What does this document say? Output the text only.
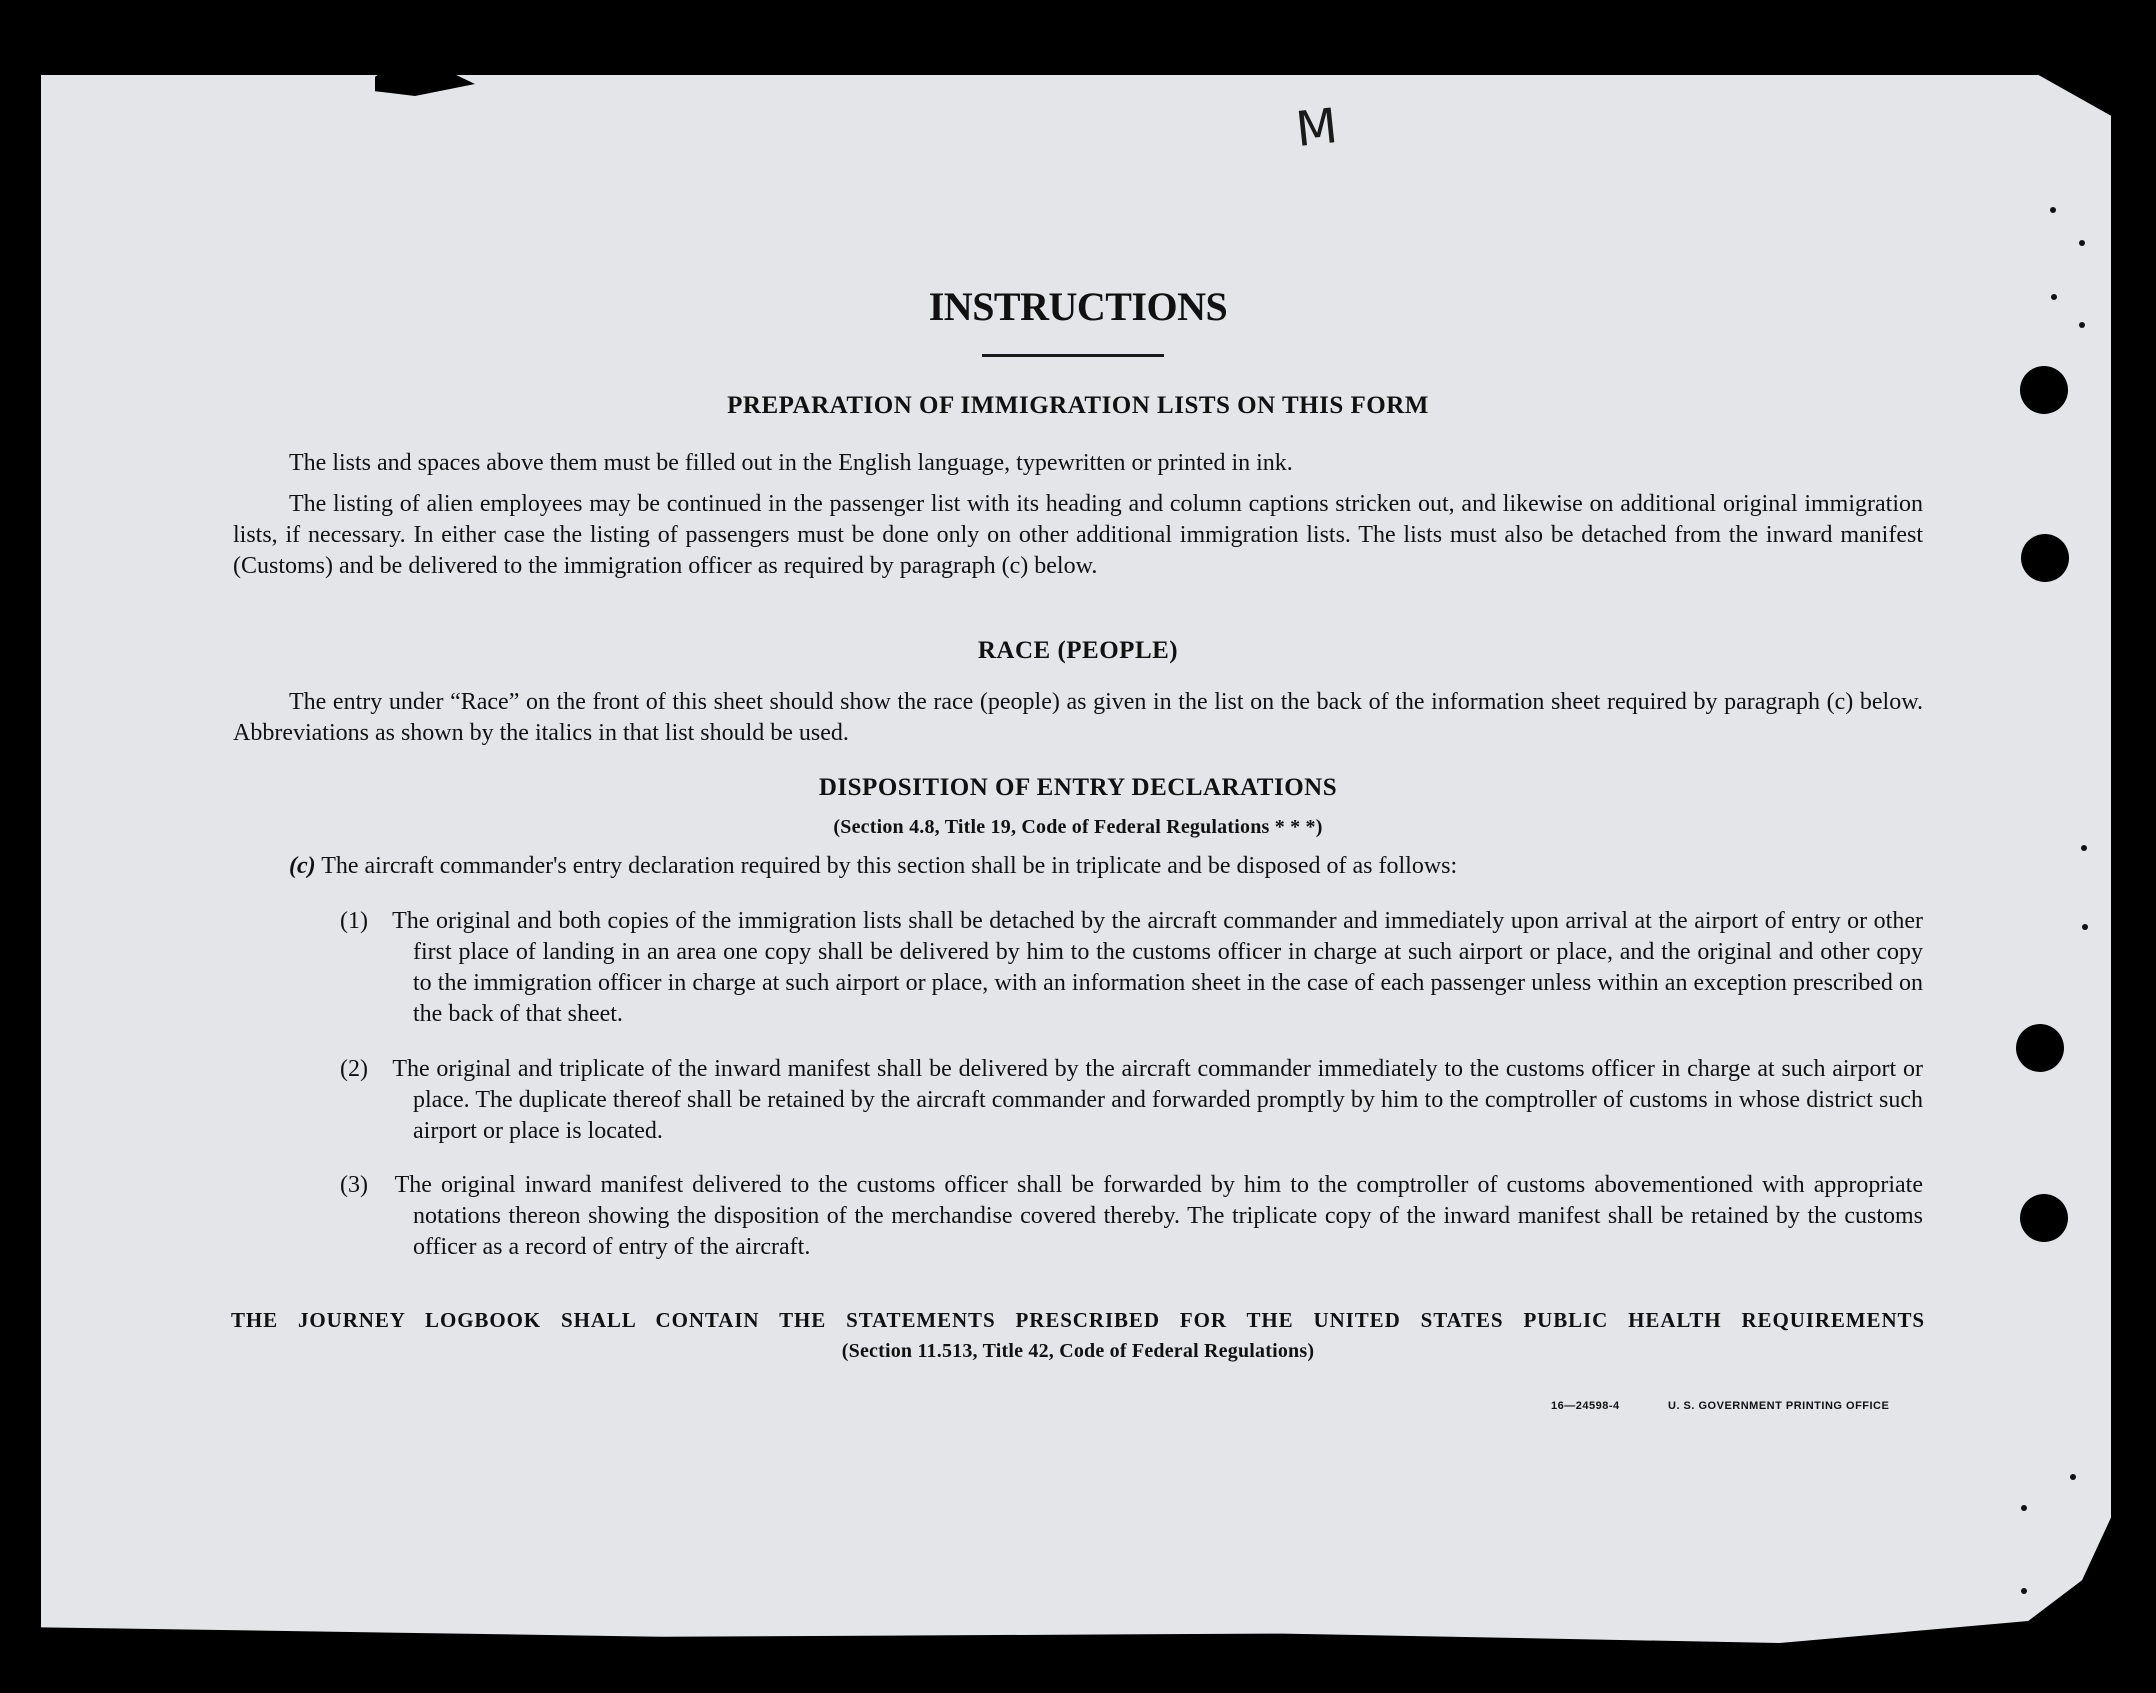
M
INSTRUCTIONS
PREPARATION OF IMMIGRATION LISTS ON THIS FORM
The lists and spaces above them must be filled out in the English language, typewritten or printed in ink.
The listing of alien employees may be continued in the passenger list with its heading and column captions stricken out, and likewise on additional original immigration lists, if necessary. In either case the listing of passengers must be done only on other additional immigration lists. The lists must also be detached from the inward manifest (Customs) and be delivered to the immigration officer as required by paragraph (c) below.
RACE (PEOPLE)
The entry under “Race” on the front of this sheet should show the race (people) as given in the list on the back of the information sheet required by paragraph (c) below. Abbreviations as shown by the italics in that list should be used.
DISPOSITION OF ENTRY DECLARATIONS
(Section 4.8, Title 19, Code of Federal Regulations * * *)
(c) The aircraft commander's entry declaration required by this section shall be in triplicate and be disposed of as follows:
(1) The original and both copies of the immigration lists shall be detached by the aircraft commander and immediately upon arrival at the airport of entry or other first place of landing in an area one copy shall be delivered by him to the customs officer in charge at such airport or place, and the original and other copy to the immigration officer in charge at such airport or place, with an information sheet in the case of each passenger unless within an exception prescribed on the back of that sheet.
(2) The original and triplicate of the inward manifest shall be delivered by the aircraft commander immediately to the customs officer in charge at such airport or place. The duplicate thereof shall be retained by the aircraft commander and forwarded promptly by him to the comptroller of customs in whose district such airport or place is located.
(3) The original inward manifest delivered to the customs officer shall be forwarded by him to the comptroller of customs abovementioned with appropriate notations thereon showing the disposition of the merchandise covered thereby. The triplicate copy of the inward manifest shall be retained by the customs officer as a record of entry of the aircraft.
THE JOURNEY LOGBOOK SHALL CONTAIN THE STATEMENTS PRESCRIBED FOR THE UNITED STATES PUBLIC HEALTH REQUIREMENTS
(Section 11.513, Title 42, Code of Federal Regulations)
16—24598-4	U. S. GOVERNMENT PRINTING OFFICE
